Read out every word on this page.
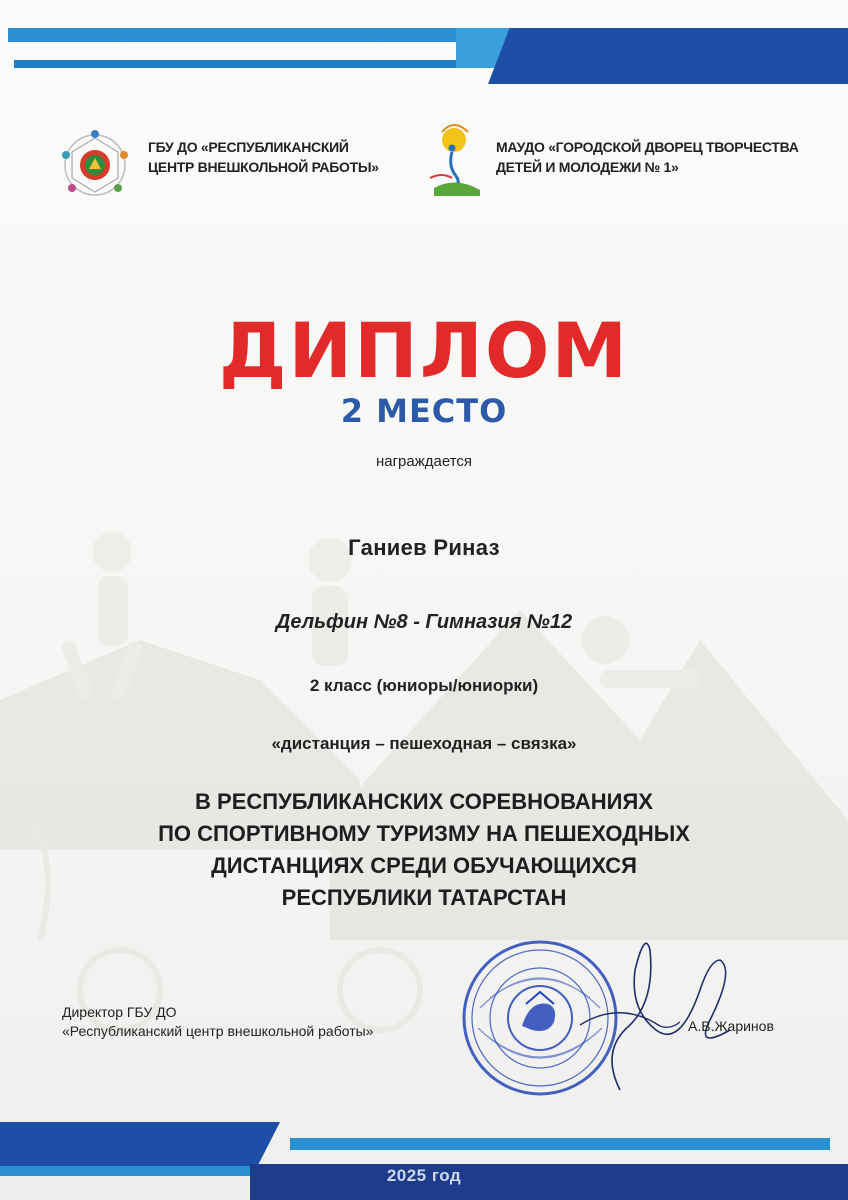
ГБУ ДО «РЕСПУБЛИКАНСКИЙ
ЦЕНТР ВНЕШКОЛЬНОЙ РАБОТЫ»
МАУДО «ГОРОДСКОЙ ДВОРЕЦ ТВОРЧЕСТВА
ДЕТЕЙ И МОЛОДЕЖИ № 1»
ДИПЛОМ
2 МЕСТО
награждается
Ганиев Риназ
Дельфин №8 - Гимназия №12
2 класс (юниоры/юниорки)
«дистанция – пешеходная – связка»
В РЕСПУБЛИКАНСКИХ СОРЕВНОВАНИЯХ
ПО СПОРТИВНОМУ ТУРИЗМУ НА ПЕШЕХОДНЫХ
ДИСТАНЦИЯХ СРЕДИ ОБУЧАЮЩИХСЯ
РЕСПУБЛИКИ ТАТАРСТАН
Директор ГБУ ДО
«Республиканский центр внешкольной работы»	А.В.Жаринов
2025 год
